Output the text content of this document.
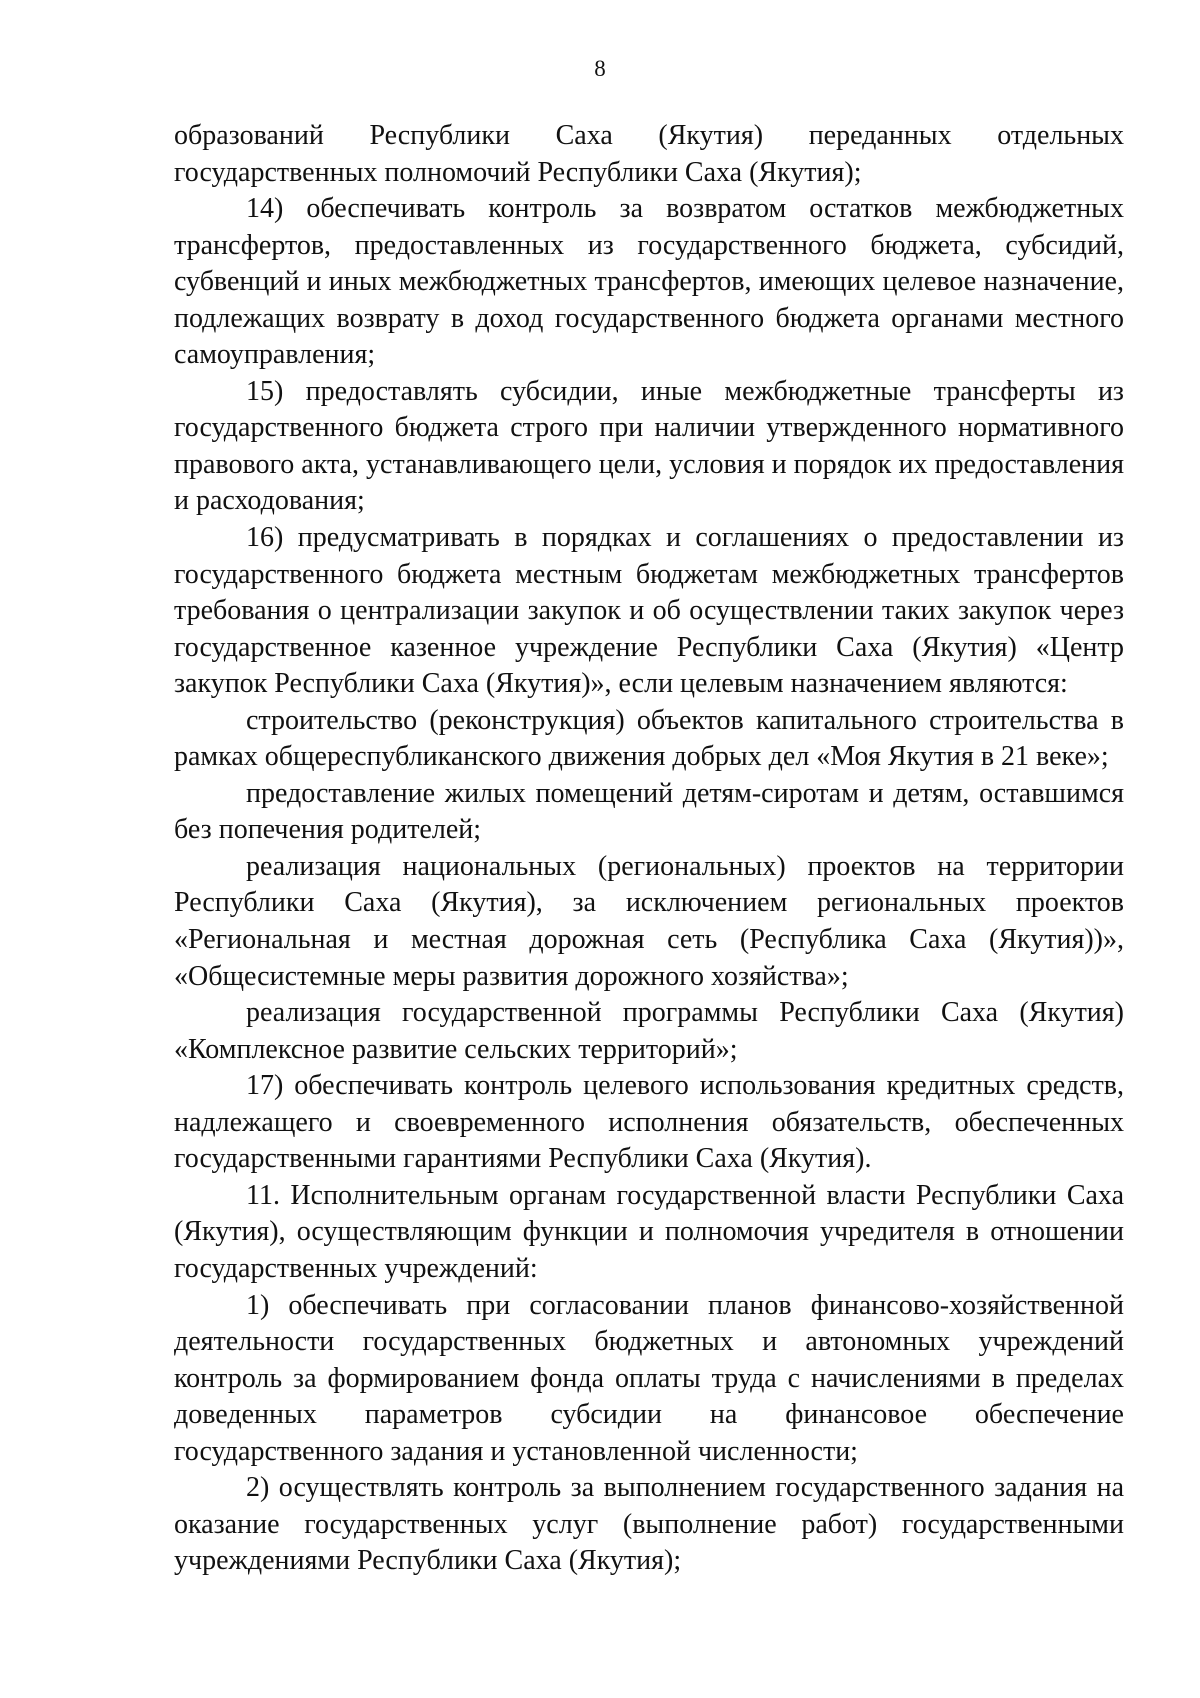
8

образований Республики Саха (Якутия) переданных отдельных государственных полномочий Республики Саха (Якутия);

14) обеспечивать контроль за возвратом остатков межбюджетных трансфертов, предоставленных из государственного бюджета, субсидий, субвенций и иных межбюджетных трансфертов, имеющих целевое назначение, подлежащих возврату в доход государственного бюджета органами местного самоуправления;

15) предоставлять субсидии, иные межбюджетные трансферты из государственного бюджета строго при наличии утвержденного нормативного правового акта, устанавливающего цели, условия и порядок их предоставления и расходования;

16) предусматривать в порядках и соглашениях о предоставлении из государственного бюджета местным бюджетам межбюджетных трансфертов требования о централизации закупок и об осуществлении таких закупок через государственное казенное учреждение Республики Саха (Якутия) «Центр закупок Республики Саха (Якутия)», если целевым назначением являются:

строительство (реконструкция) объектов капитального строительства в рамках общереспубликанского движения добрых дел «Моя Якутия в 21 веке»;

предоставление жилых помещений детям-сиротам и детям, оставшимся без попечения родителей;

реализация национальных (региональных) проектов на территории Республики Саха (Якутия), за исключением региональных проектов «Региональная и местная дорожная сеть (Республика Саха (Якутия))», «Общесистемные меры развития дорожного хозяйства»;

реализация государственной программы Республики Саха (Якутия) «Комплексное развитие сельских территорий»;

17) обеспечивать контроль целевого использования кредитных средств, надлежащего и своевременного исполнения обязательств, обеспеченных государственными гарантиями Республики Саха (Якутия).

11. Исполнительным органам государственной власти Республики Саха (Якутия), осуществляющим функции и полномочия учредителя в отношении государственных учреждений:

1) обеспечивать при согласовании планов финансово-хозяйственной деятельности государственных бюджетных и автономных учреждений контроль за формированием фонда оплаты труда с начислениями в пределах доведенных параметров субсидии на финансовое обеспечение государственного задания и установленной численности;

2) осуществлять контроль за выполнением государственного задания на оказание государственных услуг (выполнение работ) государственными учреждениями Республики Саха (Якутия);
